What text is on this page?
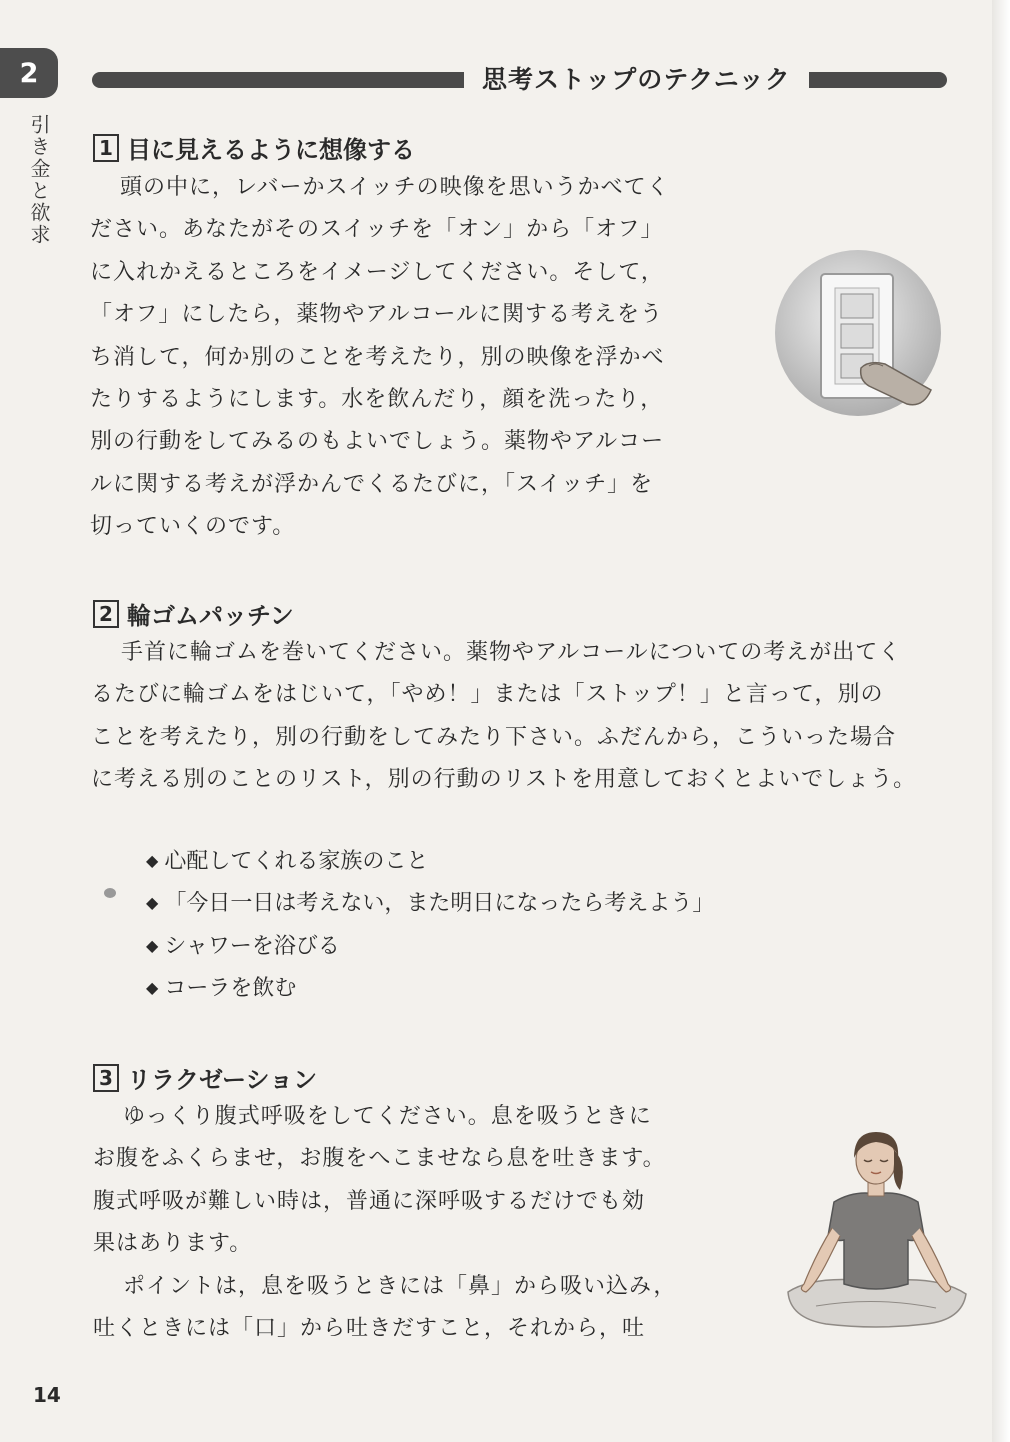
2
引き金と欲求
思考ストップのテクニック
1 目に見えるように想像する
頭の中に，レバーかスイッチの映像を思いうかべてく
ださい。あなたがそのスイッチを「オン」から「オフ」
に入れかえるところをイメージしてください。そして，
「オフ」にしたら，薬物やアルコールに関する考えをう
ち消して，何か別のことを考えたり，別の映像を浮かべ
たりするようにします。水を飲んだり，顔を洗ったり，
別の行動をしてみるのもよいでしょう。薬物やアルコー
ルに関する考えが浮かんでくるたびに，「スイッチ」を
切っていくのです。
2 輪ゴムパッチン
手首に輪ゴムを巻いてください。薬物やアルコールについての考えが出てく
るたびに輪ゴムをはじいて，「やめ！」または「ストップ！」と言って，別の
ことを考えたり，別の行動をしてみたり下さい。ふだんから，こういった場合
に考える別のことのリスト，別の行動のリストを用意しておくとよいでしょう。
◆ 心配してくれる家族のこと
◆ 「今日一日は考えない，また明日になったら考えよう」
◆ シャワーを浴びる
◆ コーラを飲む
3 リラクゼーション
ゆっくり腹式呼吸をしてください。息を吸うときに
お腹をふくらませ，お腹をへこませなら息を吐きます。
腹式呼吸が難しい時は，普通に深呼吸するだけでも効
果はあります。
ポイントは，息を吸うときには「鼻」から吸い込み，
吐くときには「口」から吐きだすこと，それから，吐
14
